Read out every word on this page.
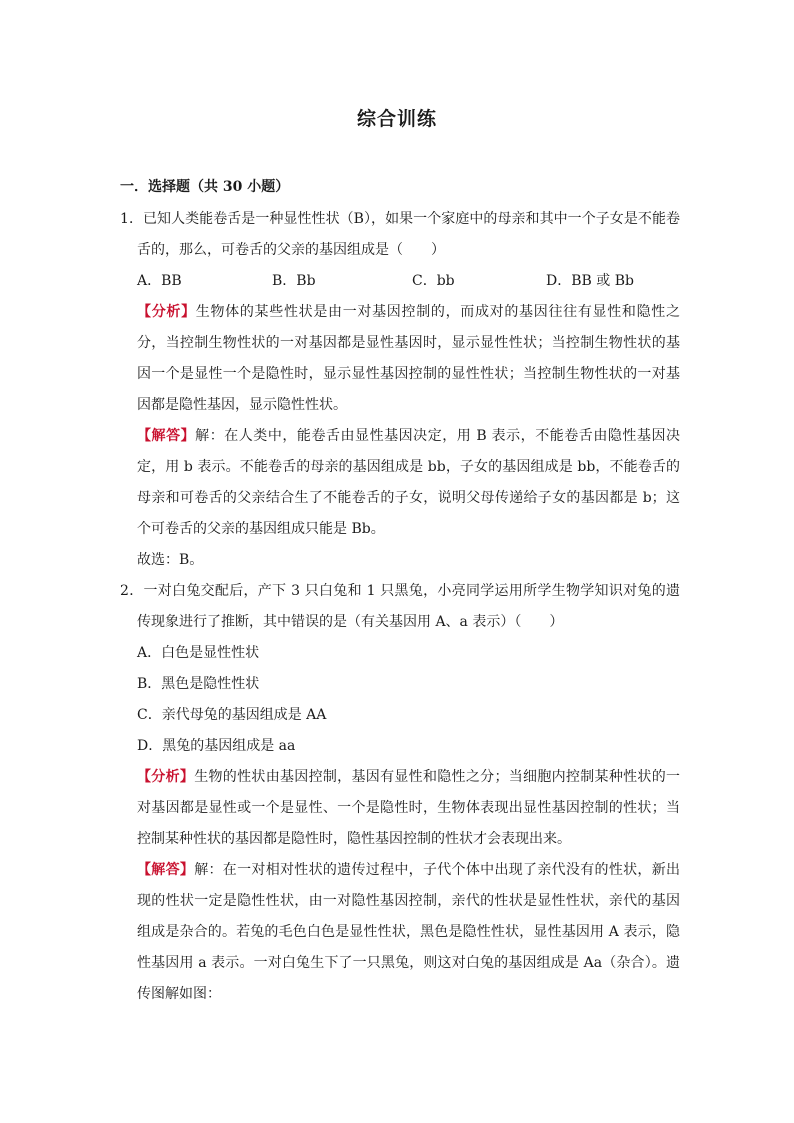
综合训练
一．选择题（共 30 小题）

1．已知人类能卷舌是一种显性性状（B），如果一个家庭中的母亲和其中一个子女是不能卷舌的，那么，可卷舌的父亲的基因组成是（　　）

A．BB	B．Bb	C．bb	D．BB 或 Bb

【分析】生物体的某些性状是由一对基因控制的，而成对的基因往往有显性和隐性之分，当控制生物性状的一对基因都是显性基因时，显示显性性状；当控制生物性状的基因一个是显性一个是隐性时，显示显性基因控制的显性性状；当控制生物性状的一对基因都是隐性基因，显示隐性性状。

【解答】解：在人类中，能卷舌由显性基因决定，用 B 表示，不能卷舌由隐性基因决定，用 b 表示。不能卷舌的母亲的基因组成是 bb，子女的基因组成是 bb，不能卷舌的母亲和可卷舌的父亲结合生了不能卷舌的子女，说明父母传递给子女的基因都是 b；这个可卷舌的父亲的基因组成只能是 Bb。

故选：B。

2．一对白兔交配后，产下 3 只白兔和 1 只黑兔，小亮同学运用所学生物学知识对兔的遗传现象进行了推断，其中错误的是（有关基因用 A、a 表示）（　　）

A．白色是显性性状
B．黑色是隐性性状
C．亲代母兔的基因组成是 AA
D．黑兔的基因组成是 aa

【分析】生物的性状由基因控制，基因有显性和隐性之分；当细胞内控制某种性状的一对基因都是显性或一个是显性、一个是隐性时，生物体表现出显性基因控制的性状；当控制某种性状的基因都是隐性时，隐性基因控制的性状才会表现出来。

【解答】解：在一对相对性状的遗传过程中，子代个体中出现了亲代没有的性状，新出现的性状一定是隐性性状，由一对隐性基因控制，亲代的性状是显性性状，亲代的基因组成是杂合的。若兔的毛色白色是显性性状，黑色是隐性性状，显性基因用 A 表示，隐性基因用 a 表示。一对白兔生下了一只黑兔，则这对白兔的基因组成是 Aa（杂合）。遗传图解如图：
